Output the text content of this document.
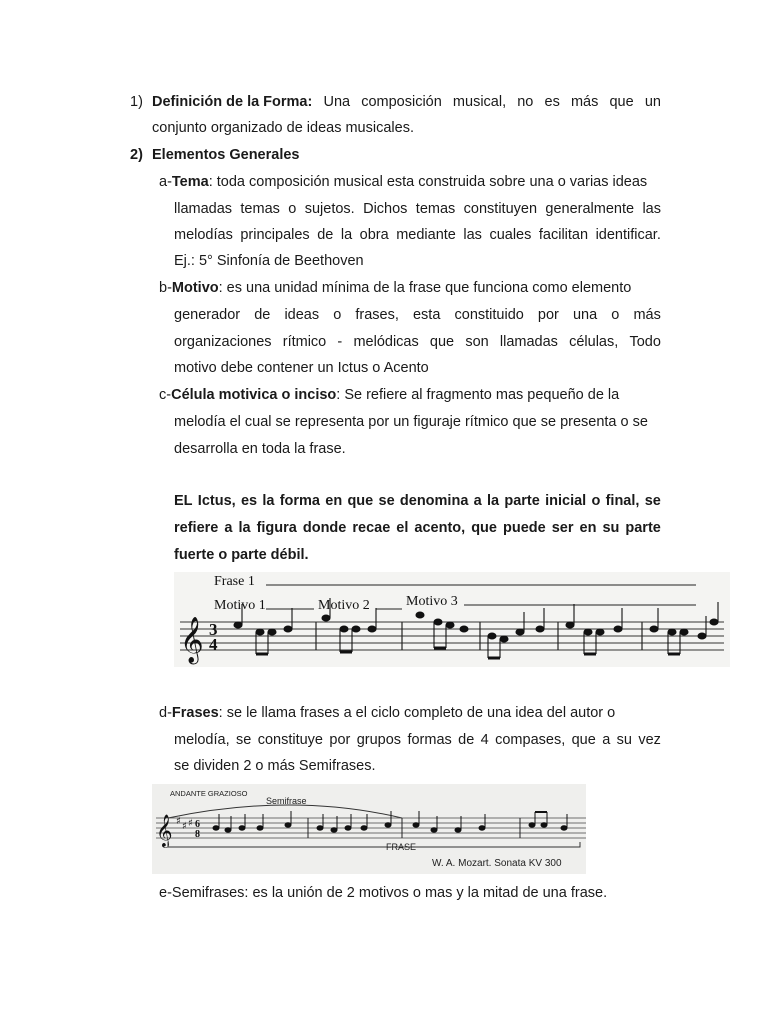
1) Definición de la Forma: Una composición musical, no es más que un
conjunto organizado de ideas musicales.
2) Elementos Generales
a-Tema: toda composición musical esta construida sobre una o varias ideas
llamadas temas o sujetos. Dichos temas constituyen generalmente las
melodías principales de la obra mediante las cuales facilitan identificar.
Ej.: 5° Sinfonía de Beethoven
b-Motivo: es una unidad mínima de la frase que funciona como elemento
generador de ideas o frases, esta constituido por una o más
organizaciones rítmico - melódicas que son llamadas células, Todo
motivo debe contener un Ictus o Acento
c-Célula motivica o inciso: Se refiere al fragmento mas pequeño de la
melodía el cual se representa por un figuraje rítmico que se presenta o se
desarrolla en toda la frase.
EL Ictus, es la forma en que se denomina a la parte inicial o final, se
refiere a la figura donde recae el acento, que puede ser en su parte
fuerte o parte débil.
Frase 1
Motivo 1	Motivo 2	Motivo 3
𝄞 3
4
d-Frases: se le llama frases a el ciclo completo de una idea del autor o
melodía, se constituye por grupos formas de 4 compases, que a su vez
se dividen 2 o más Semifrases.
ANDANTE GRAZIOSO
Semifrase
𝄞 ♯ ♯ ♯ 6
8
FRASE
W. A. Mozart. Sonata KV 300
e-Semifrases: es la unión de 2 motivos o mas y la mitad de una frase.
